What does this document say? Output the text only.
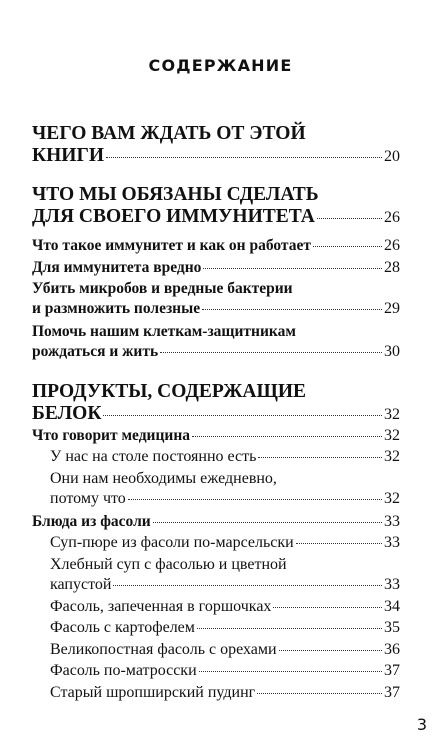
СОДЕРЖАНИЕ
ЧЕГО ВАМ ЖДАТЬ ОТ ЭТОЙ
КНИГИ	20
ЧТО МЫ ОБЯЗАНЫ СДЕЛАТЬ
ДЛЯ СВОЕГО ИММУНИТЕТА	26
Что такое иммунитет и как он работает	26
Для иммунитета вредно	28
Убить микробов и вредные бактерии
и размножить полезные	29
Помочь нашим клеткам-защитникам
рождаться и жить	30
ПРОДУКТЫ, СОДЕРЖАЩИЕ
БЕЛОК	32
Что говорит медицина	32
У нас на столе постоянно есть	32
Они нам необходимы ежедневно,
потому что	32
Блюда из фасоли	33
Суп-пюре из фасоли по-марсельски	33
Хлебный суп с фасолью и цветной
капустой	33
Фасоль, запеченная в горшочках	34
Фасоль с картофелем	35
Великопостная фасоль с орехами	36
Фасоль по-матросски	37
Старый шропширский пудинг	37
3
